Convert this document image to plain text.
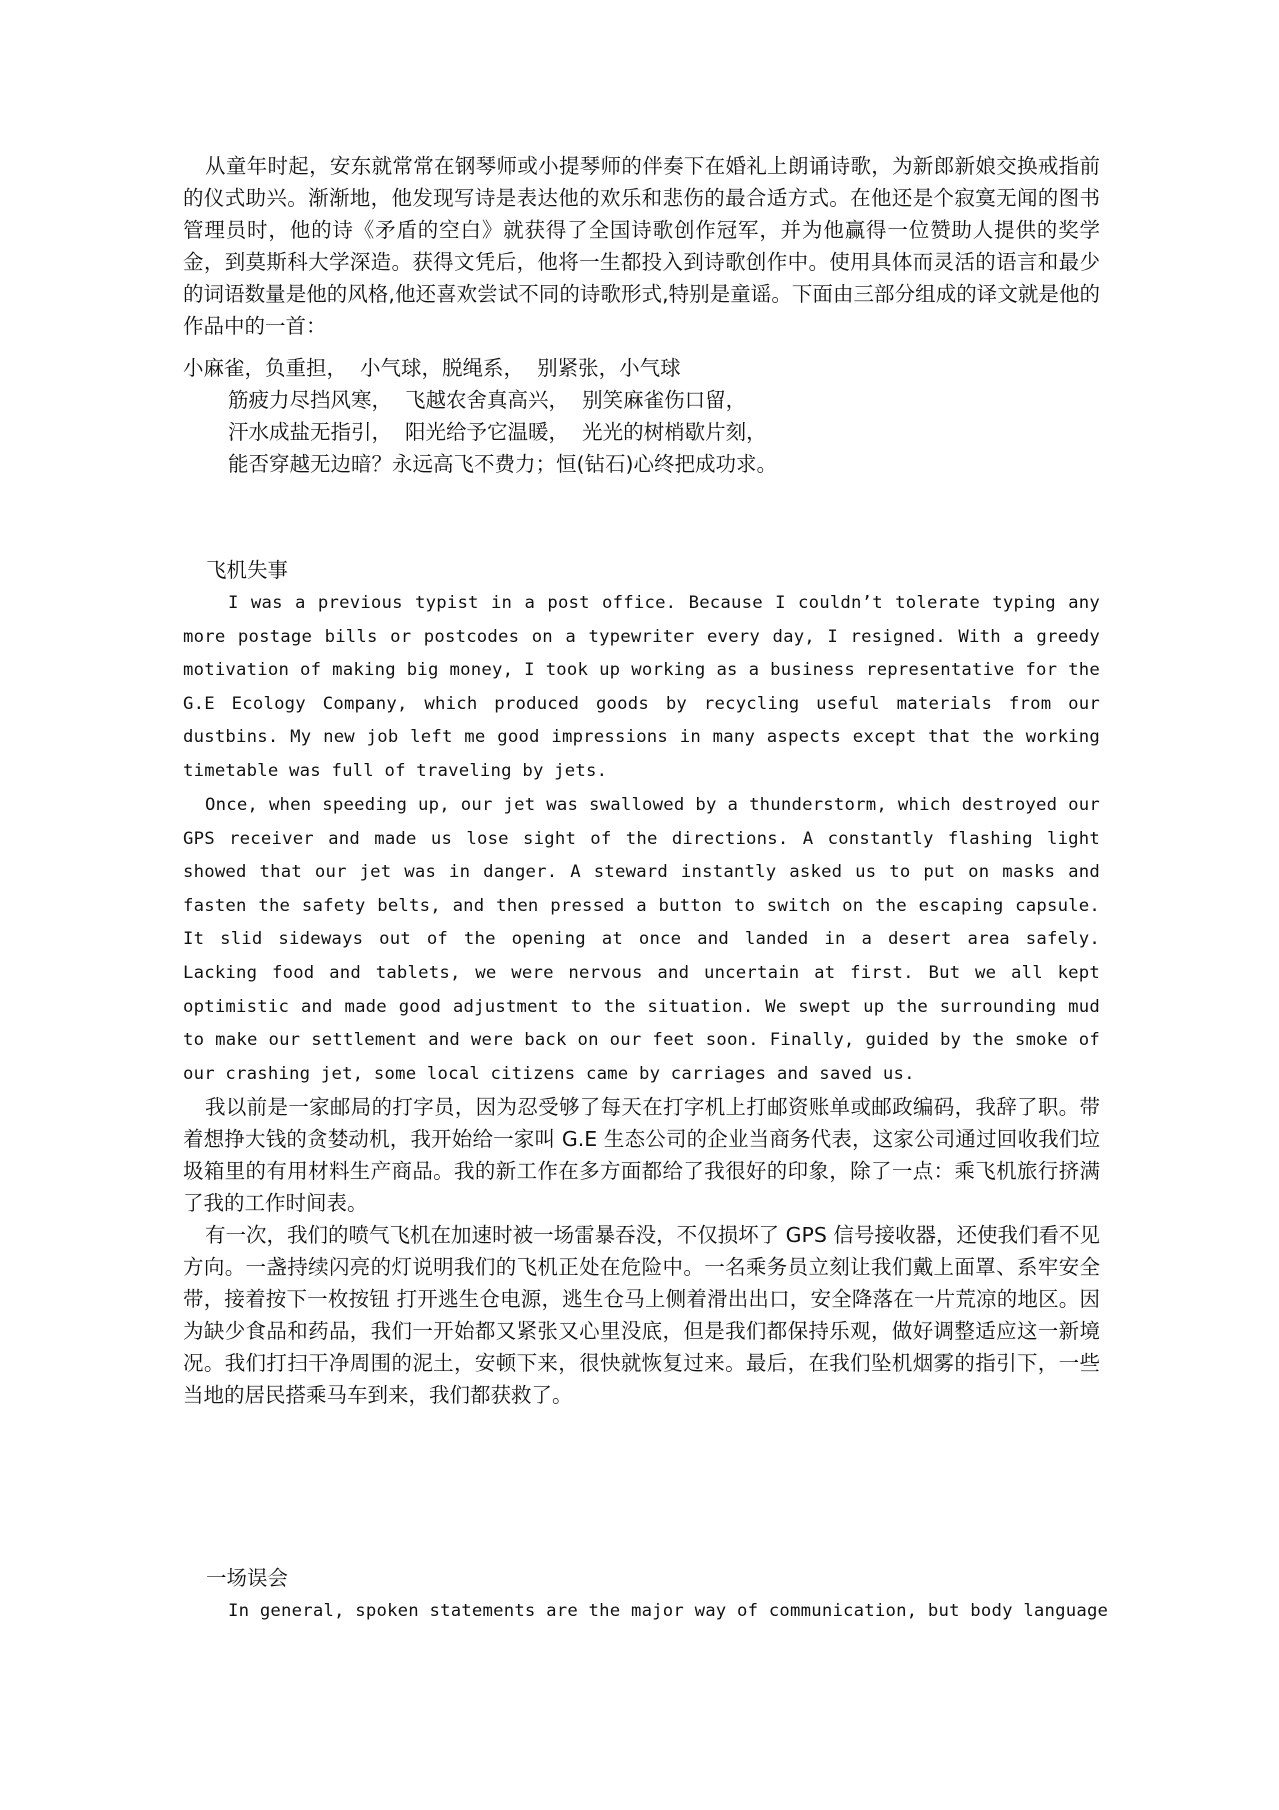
从童年时起，安东就常常在钢琴师或小提琴师的伴奏下在婚礼上朗诵诗歌，为新郎新娘交换戒指前的仪式助兴。渐渐地，他发现写诗是表达他的欢乐和悲伤的最合适方式。在他还是个寂寞无闻的图书管理员时，他的诗《矛盾的空白》就获得了全国诗歌创作冠军，并为他赢得一位赞助人提供的奖学金，到莫斯科大学深造。获得文凭后，他将一生都投入到诗歌创作中。使用具体而灵活的语言和最少的词语数量是他的风格,他还喜欢尝试不同的诗歌形式,特别是童谣。下面由三部分组成的译文就是他的作品中的一首：

小麻雀，负重担，  小气球，脱绳系，  别紧张，小气球

筋疲力尽挡风寒，  飞越农舍真高兴，  别笑麻雀伤口留，

汗水成盐无指引，  阳光给予它温暖，  光光的树梢歇片刻，

能否穿越无边暗？永远高飞不费力；恒(钻石)心终把成功求。

飞机失事

I was a previous typist in a post office. Because I couldn’t tolerate typing any more postage bills or postcodes on a typewriter every day, I resigned. With a greedy motivation of making big money, I took up working as a business representative for the G.E Ecology Company, which produced goods by recycling useful materials from our dustbins. My new job left me good impressions in many aspects except that the working timetable was full of traveling by jets.

Once, when speeding up, our jet was swallowed by a thunderstorm, which destroyed our GPS receiver and made us lose sight of the directions. A constantly flashing light showed that our jet was in danger. A steward instantly asked us to put on masks and fasten the safety belts, and then pressed a button to switch on the escaping capsule. It slid sideways out of the opening at once and landed in a desert area safely. Lacking food and tablets, we were nervous and uncertain at first. But we all kept optimistic and made good adjustment to the situation. We swept up the surrounding mud to make our settlement and were back on our feet soon. Finally, guided by the smoke of our crashing jet, some local citizens came by carriages and saved us.

我以前是一家邮局的打字员，因为忍受够了每天在打字机上打邮资账单或邮政编码，我辞了职。带着想挣大钱的贪婪动机，我开始给一家叫 G.E 生态公司的企业当商务代表，这家公司通过回收我们垃圾箱里的有用材料生产商品。我的新工作在多方面都给了我很好的印象，除了一点：乘飞机旅行挤满了我的工作时间表。

有一次，我们的喷气飞机在加速时被一场雷暴吞没，不仅损坏了 GPS 信号接收器，还使我们看不见方向。一盏持续闪亮的灯说明我们的飞机正处在危险中。一名乘务员立刻让我们戴上面罩、系牢安全带，接着按下一枚按钮 打开逃生仓电源，逃生仓马上侧着滑出出口，安全降落在一片荒凉的地区。因为缺少食品和药品，我们一开始都又紧张又心里没底，但是我们都保持乐观，做好调整适应这一新境况。我们打扫干净周围的泥土，安顿下来，很快就恢复过来。最后，在我们坠机烟雾的指引下，一些当地的居民搭乘马车到来，我们都获救了。

一场误会

In general, spoken statements are the major way of communication, but body language
